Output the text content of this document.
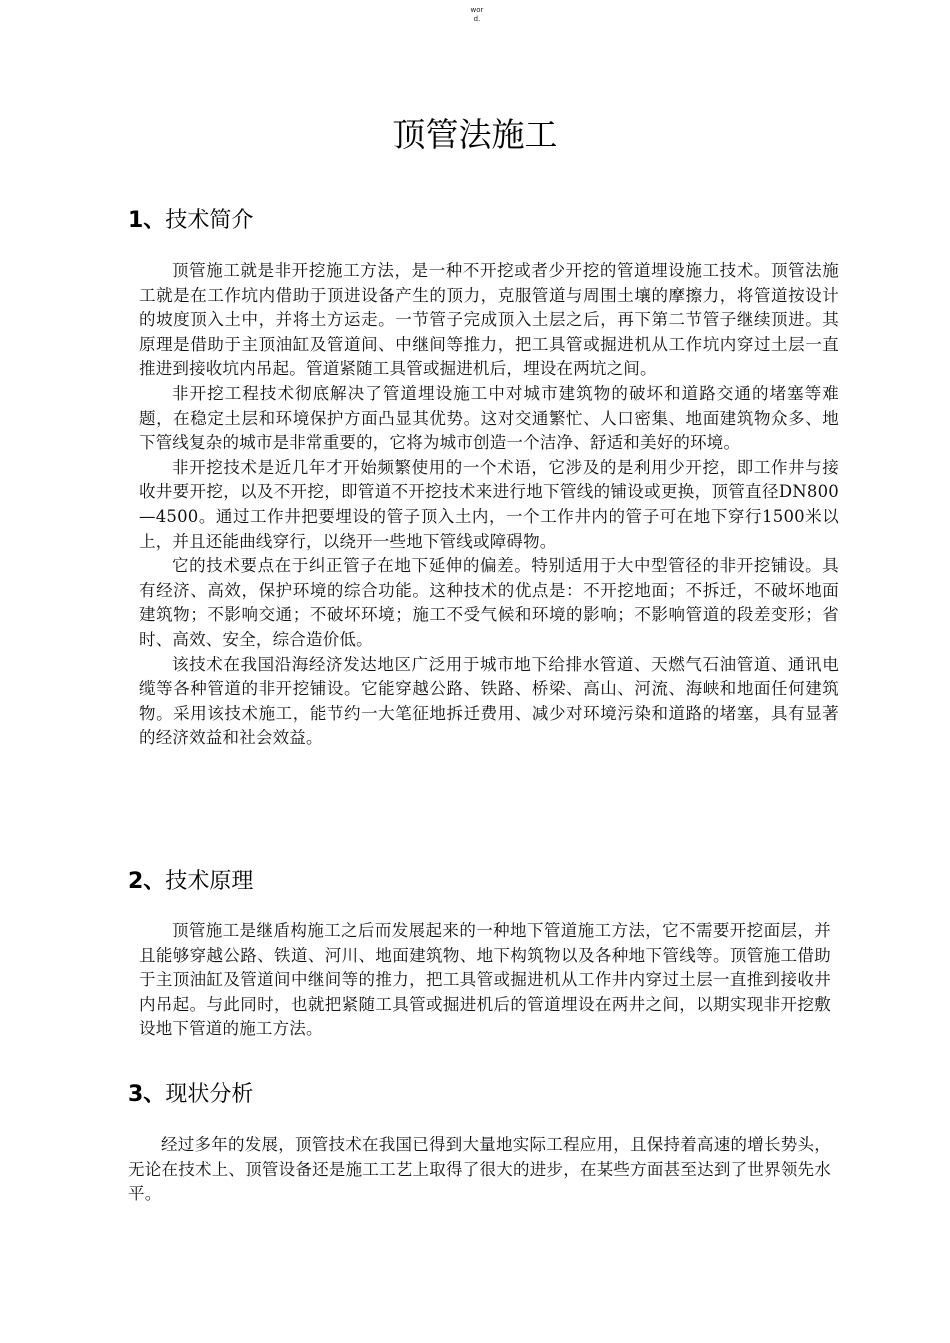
wor
d.
顶管法施工
1、技术简介

顶管施工就是非开挖施工方法，是一种不开挖或者少开挖的管道埋设施工技术。顶管法施工就是在工作坑内借助于顶进设备产生的顶力，克服管道与周围土壤的摩擦力，将管道按设计的坡度顶入土中，并将土方运走。一节管子完成顶入土层之后，再下第二节管子继续顶进。其原理是借助于主顶油缸及管道间、中继间等推力，把工具管或掘进机从工作坑内穿过土层一直推进到接收坑内吊起。管道紧随工具管或掘进机后，埋设在两坑之间。

非开挖工程技术彻底解决了管道埋设施工中对城市建筑物的破坏和道路交通的堵塞等难题，在稳定土层和环境保护方面凸显其优势。这对交通繁忙、人口密集、地面建筑物众多、地下管线复杂的城市是非常重要的，它将为城市创造一个洁净、舒适和美好的环境。

非开挖技术是近几年才开始频繁使用的一个术语，它涉及的是利用少开挖，即工作井与接收井要开挖，以及不开挖，即管道不开挖技术来进行地下管线的铺设或更换，顶管直径DN800—4500。通过工作井把要埋设的管子顶入土内，一个工作井内的管子可在地下穿行1500米以上，并且还能曲线穿行，以绕开一些地下管线或障碍物。

它的技术要点在于纠正管子在地下延伸的偏差。特别适用于大中型管径的非开挖铺设。具有经济、高效，保护环境的综合功能。这种技术的优点是：不开挖地面；不拆迁，不破坏地面建筑物；不影响交通；不破坏环境；施工不受气候和环境的影响；不影响管道的段差变形；省时、高效、安全，综合造价低。

该技术在我国沿海经济发达地区广泛用于城市地下给排水管道、天燃气石油管道、通讯电缆等各种管道的非开挖铺设。它能穿越公路、铁路、桥梁、高山、河流、海峡和地面任何建筑物。采用该技术施工，能节约一大笔征地拆迁费用、减少对环境污染和道路的堵塞，具有显著的经济效益和社会效益。

2、技术原理

顶管施工是继盾构施工之后而发展起来的一种地下管道施工方法，它不需要开挖面层，并且能够穿越公路、铁道、河川、地面建筑物、地下构筑物以及各种地下管线等。顶管施工借助于主顶油缸及管道间中继间等的推力，把工具管或掘进机从工作井内穿过土层一直推到接收井内吊起。与此同时，也就把紧随工具管或掘进机后的管道埋设在两井之间，以期实现非开挖敷设地下管道的施工方法。

3、现状分析

经过多年的发展，顶管技术在我国已得到大量地实际工程应用，且保持着高速的增长势头，无论在技术上、顶管设备还是施工工艺上取得了很大的进步，在某些方面甚至达到了世界领先水平。
